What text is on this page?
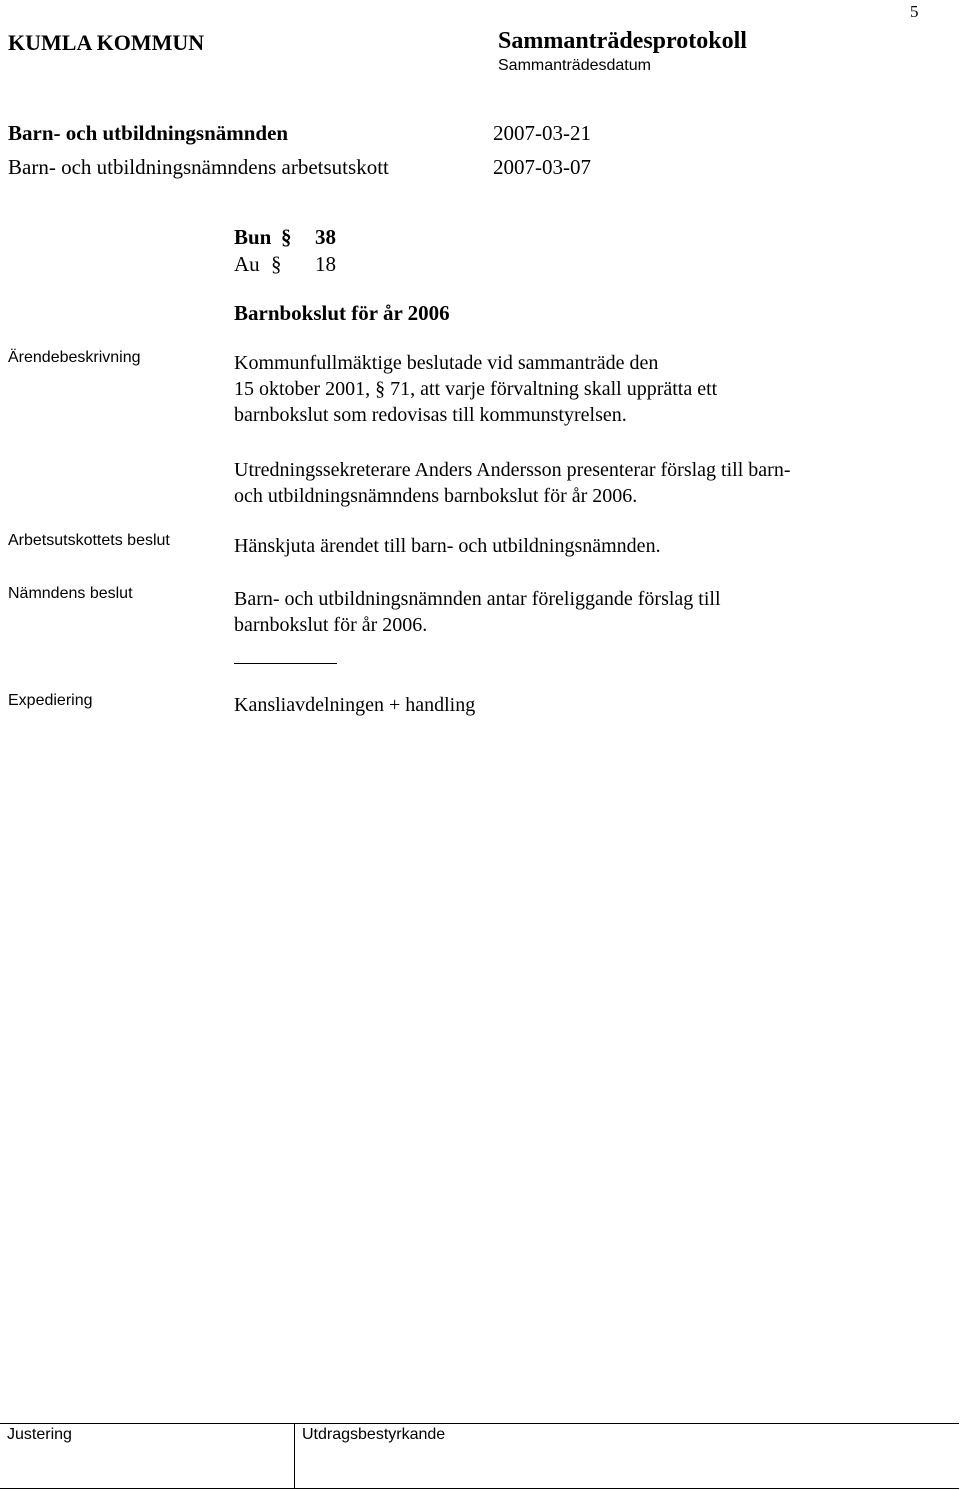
5
KUMLA KOMMUN	Sammanträdesprotokoll
Sammanträdesdatum
Barn- och utbildningsnämnden	2007-03-21
Barn- och utbildningsnämndens arbetsutskott	2007-03-07
Bun § 38
Au § 18
Barnbokslut för år 2006
Ärendebeskrivning	Kommunfullmäktige beslutade vid sammanträde den
15 oktober 2001, § 71, att varje förvaltning skall upprätta ett
barnbokslut som redovisas till kommunstyrelsen.
Utredningssekreterare Anders Andersson presenterar förslag till barn-
och utbildningsnämndens barnbokslut för år 2006.
Arbetsutskottets beslut	Hänskjuta ärendet till barn- och utbildningsnämnden.
Nämndens beslut	Barn- och utbildningsnämnden antar föreliggande förslag till
barnbokslut för år 2006.
Expediering	Kansliavdelningen + handling
Justering	Utdragsbestyrkande
